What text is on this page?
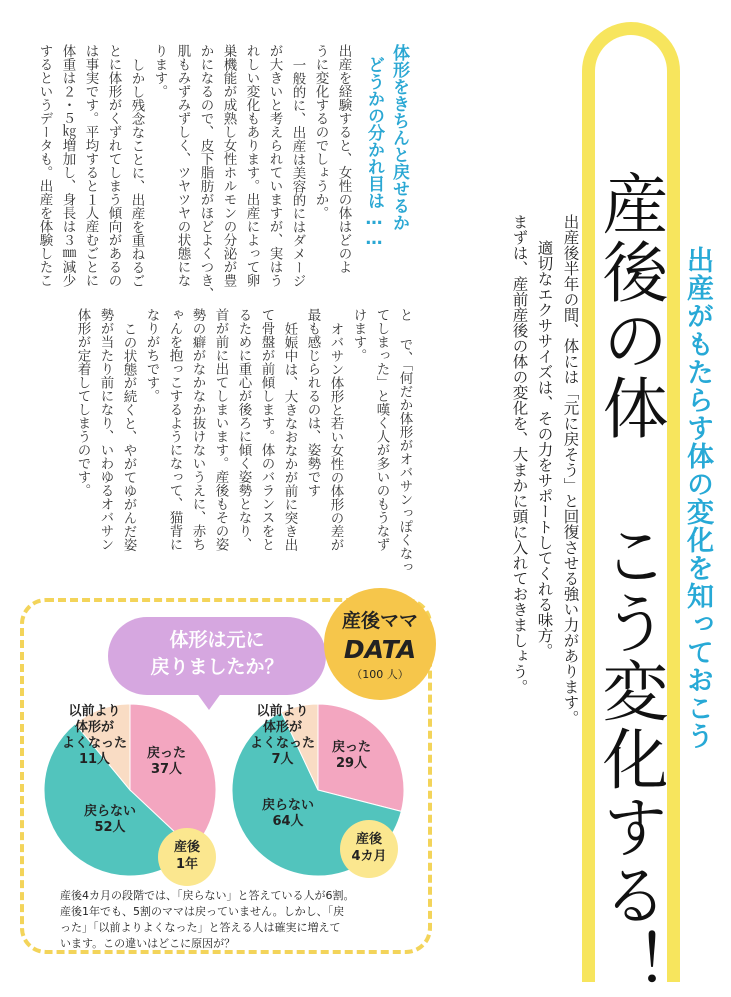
出産がもたらす体の変化を知っておこう
産後の体 こう変化する！
出産後半年の間、体には「元に戻そう」と回復させる強い力があります。
適切なエクササイズは、その力をサポートしてくれる味方。
まずは、産前産後の体の変化を、大まかに頭に入れておきましょう。
体形をきちんと戻せるか
どうかの分かれ目は……
出産を経験すると、女性の体はどのよ
うに変化するのでしょうか。
一般的に、出産は美容的にはダメージ
が大きいと考えられていますが、実はう
れしい変化もあります。出産によって卵
巣機能が成熟し女性ホルモンの分泌が豊
かになるので、皮下脂肪がほどよくつき、
肌もみずみずしく、ツヤツヤの状態にな
ります。
しかし残念なことに、出産を重ねるご
とに体形がくずれてしまう傾向があるの
は事実です。平均すると１人産むごとに
体重は２・５㎏増加し、身長は３㎜減少
するというデータも。出産を体験したこ
と で、「何だか体形がオバサンっぽくなっ
てしまった」と嘆く人が多いのもうなず
けます。
オバサン体形と若い女性の体形の差が
最も感じられるのは、姿勢です
妊娠中は、大きなおなかが前に突き出
て骨盤が前傾します。体のバランスをと
るために重心が後ろに傾く姿勢となり、
首が前に出てしまいます。産後もその姿
勢の癖がなかなか抜けないうえに、赤ち
ゃんを抱っこするようになって、猫背に
なりがちです。
この状態が続くと、やがてゆがんだ姿
勢が当たり前になり、いわゆるオバサン
体形が定着してしまうのです。
体形は元に
戻りましたか？
産後ママ
DATA
（100 人）
以前より
体形が
よくなった
11人	戻った
37人
戻らない
52人
産後
1年
以前より
体形が
よくなった
7人
戻った
29人
戻らない
64人
産後
4カ月
産後4カ月の段階では、「戻らない」と答えている人が6割。
産後1年でも、5割のママは戻っていません。しかし、「戻
った」「以前よりよくなった」と答える人は確実に増えて
います。この違いはどこに原因が？
